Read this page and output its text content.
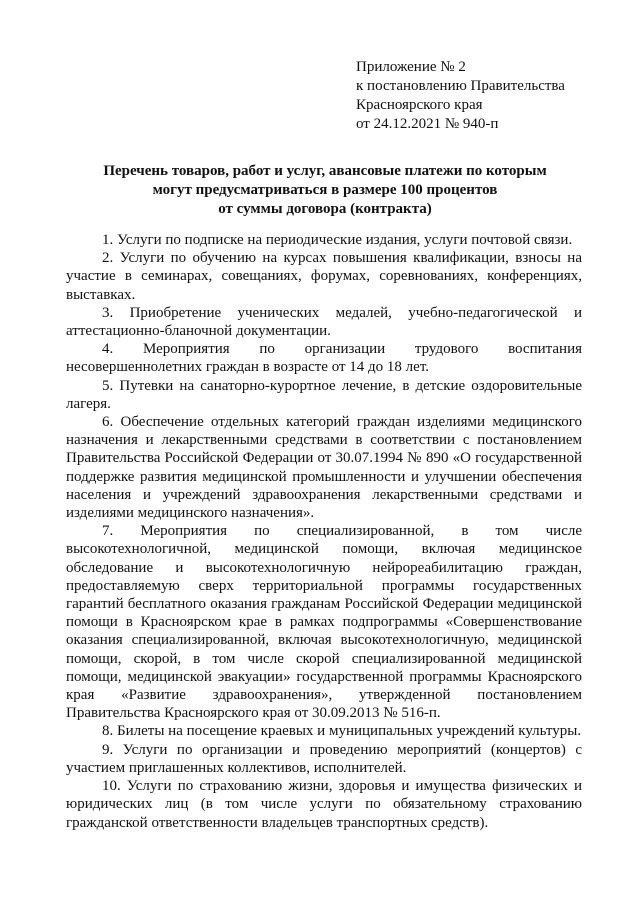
Приложение № 2
к постановлению Правительства
Красноярского края
от 24.12.2021 № 940-п
Перечень товаров, работ и услуг, авансовые платежи по которым
могут предусматриваться в размере 100 процентов
от суммы договора (контракта)

1. Услуги по подписке на периодические издания, услуги почтовой связи.

2. Услуги по обучению на курсах повышения квалификации, взносы на участие в семинарах, совещаниях, форумах, соревнованиях, конференциях, выставках.

3. Приобретение ученических медалей, учебно-педагогической и аттестационно-бланочной документации.

4. Мероприятия по организации трудового воспитания несовершеннолетних граждан в возрасте от 14 до 18 лет.

5. Путевки на санаторно-курортное лечение, в детские оздоровительные лагеря.

6. Обеспечение отдельных категорий граждан изделиями медицинского назначения и лекарственными средствами в соответствии с постановлением Правительства Российской Федерации от 30.07.1994 № 890 «О государственной поддержке развития медицинской промышленности и улучшении обеспечения населения и учреждений здравоохранения лекарственными средствами и изделиями медицинского назначения».

7. Мероприятия по специализированной, в том числе высокотехнологичной, медицинской помощи, включая медицинское обследование и высокотехнологичную нейрореабилитацию граждан, предоставляемую сверх территориальной программы государственных гарантий бесплатного оказания гражданам Российской Федерации медицинской помощи в Красноярском крае в рамках подпрограммы «Совершенствование оказания специализированной, включая высокотехнологичную, медицинской помощи, скорой, в том числе скорой специализированной медицинской помощи, медицинской эвакуации» государственной программы Красноярского края «Развитие здравоохранения», утвержденной постановлением Правительства Красноярского края от 30.09.2013 № 516-п.

8. Билеты на посещение краевых и муниципальных учреждений культуры.

9. Услуги по организации и проведению мероприятий (концертов) с участием приглашенных коллективов, исполнителей.

10. Услуги по страхованию жизни, здоровья и имущества физических и юридических лиц (в том числе услуги по обязательному страхованию гражданской ответственности владельцев транспортных средств).
